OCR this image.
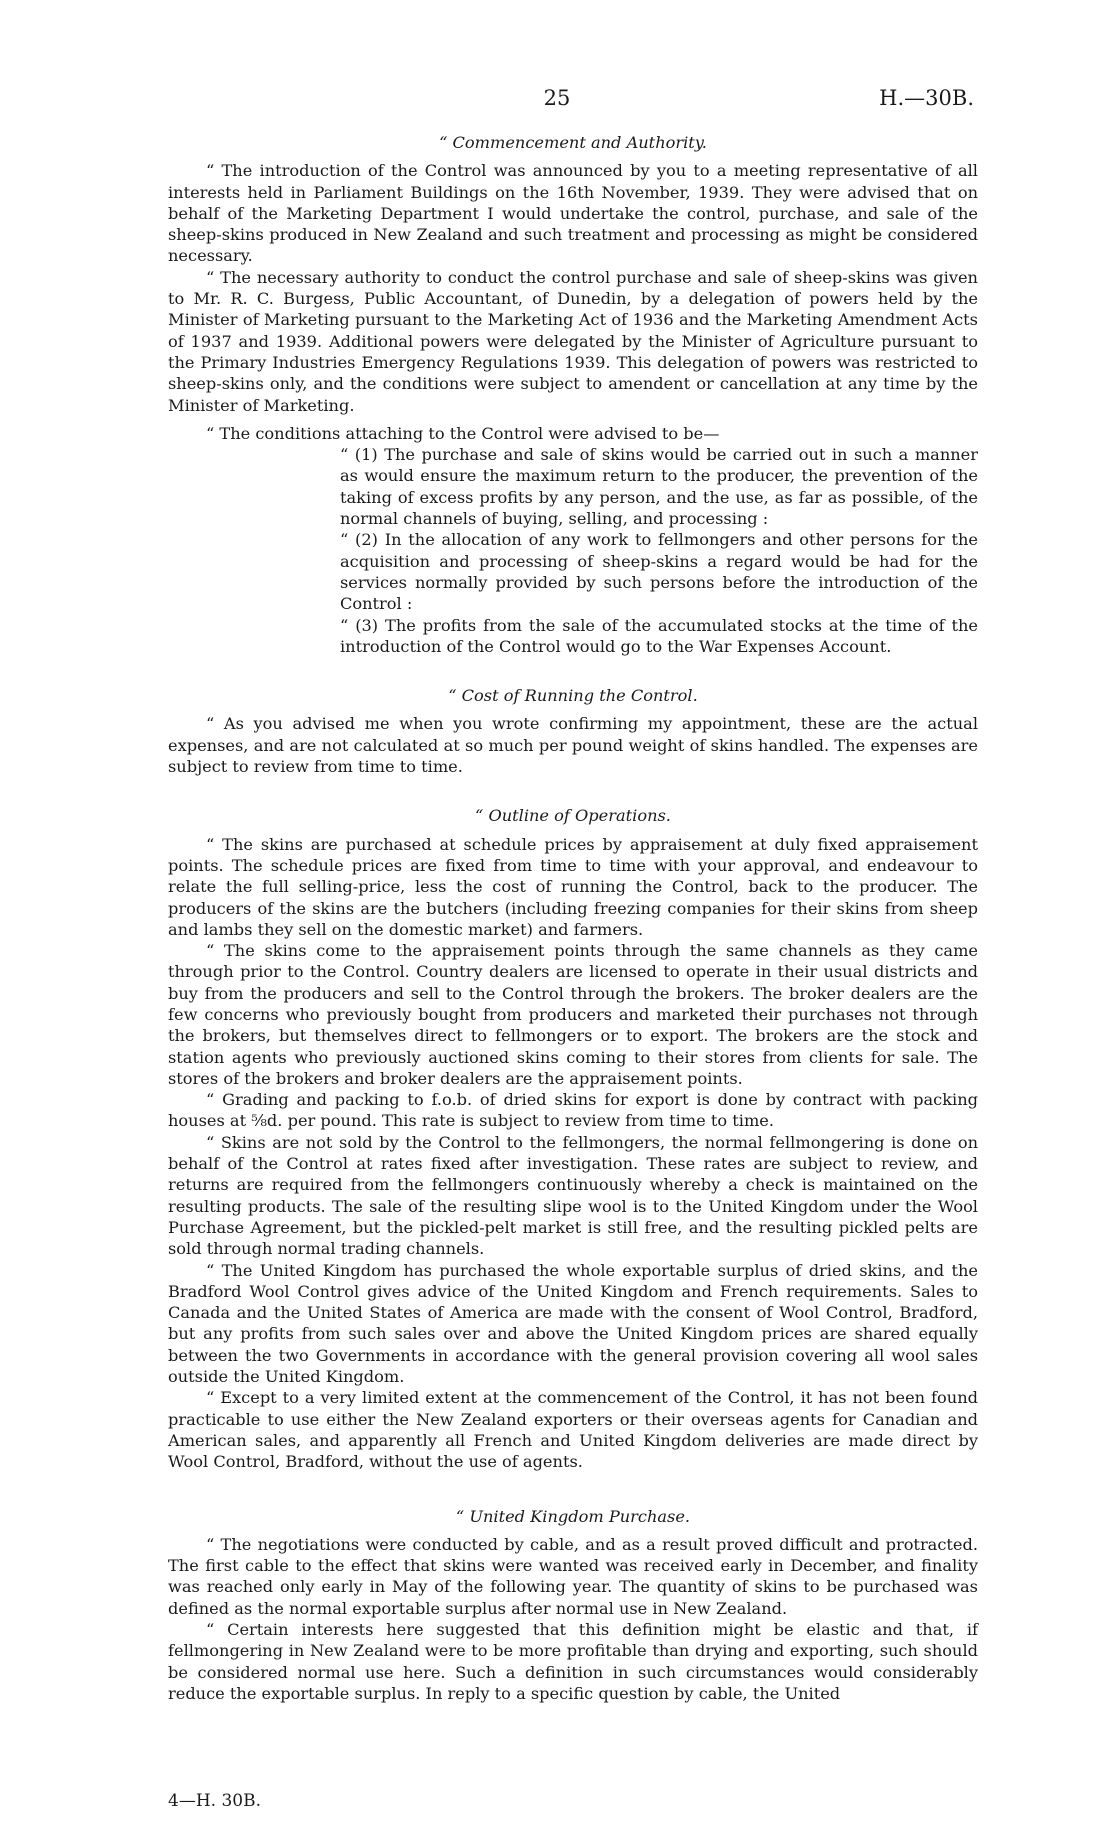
25	H.—30B.

“ Commencement and Authority.

“ The introduction of the Control was announced by you to a meeting representative of all interests held in Parliament Buildings on the 16th November, 1939. They were advised that on behalf of the Marketing Department I would undertake the control, purchase, and sale of the sheep-skins produced in New Zealand and such treatment and processing as might be considered necessary.

“ The necessary authority to conduct the control purchase and sale of sheep-skins was given to Mr. R. C. Burgess, Public Accountant, of Dunedin, by a delegation of powers held by the Minister of Marketing pursuant to the Marketing Act of 1936 and the Marketing Amendment Acts of 1937 and 1939. Additional powers were delegated by the Minister of Agriculture pursuant to the Primary Industries Emergency Regulations 1939. This delegation of powers was restricted to sheep-skins only, and the conditions were subject to amendent or cancellation at any time by the Minister of Marketing.

“ The conditions attaching to the Control were advised to be—

“ (1) The purchase and sale of skins would be carried out in such a manner as would ensure the maximum return to the producer, the prevention of the taking of excess profits by any person, and the use, as far as possible, of the normal channels of buying, selling, and processing :

“ (2) In the allocation of any work to fellmongers and other persons for the acquisition and processing of sheep-skins a regard would be had for the services normally provided by such persons before the introduction of the Control :

“ (3) The profits from the sale of the accumulated stocks at the time of the introduction of the Control would go to the War Expenses Account.

“ Cost of Running the Control.

“ As you advised me when you wrote confirming my appointment, these are the actual expenses, and are not calculated at so much per pound weight of skins handled. The expenses are subject to review from time to time.

“ Outline of Operations.

“ The skins are purchased at schedule prices by appraisement at duly fixed appraisement points. The schedule prices are fixed from time to time with your approval, and endeavour to relate the full selling-price, less the cost of running the Control, back to the producer. The producers of the skins are the butchers (including freezing companies for their skins from sheep and lambs they sell on the domestic market) and farmers.

“ The skins come to the appraisement points through the same channels as they came through prior to the Control. Country dealers are licensed to operate in their usual districts and buy from the producers and sell to the Control through the brokers. The broker dealers are the few concerns who previously bought from producers and marketed their purchases not through the brokers, but themselves direct to fellmongers or to export. The brokers are the stock and station agents who previously auctioned skins coming to their stores from clients for sale. The stores of the brokers and broker dealers are the appraisement points.

“ Grading and packing to f.o.b. of dried skins for export is done by contract with packing houses at ⅝d. per pound. This rate is subject to review from time to time.

“ Skins are not sold by the Control to the fellmongers, the normal fellmongering is done on behalf of the Control at rates fixed after investigation. These rates are subject to review, and returns are required from the fellmongers continuously whereby a check is maintained on the resulting products. The sale of the resulting slipe wool is to the United Kingdom under the Wool Purchase Agreement, but the pickled-pelt market is still free, and the resulting pickled pelts are sold through normal trading channels.

“ The United Kingdom has purchased the whole exportable surplus of dried skins, and the Bradford Wool Control gives advice of the United Kingdom and French requirements. Sales to Canada and the United States of America are made with the consent of Wool Control, Bradford, but any profits from such sales over and above the United Kingdom prices are shared equally between the two Governments in accordance with the general provision covering all wool sales outside the United Kingdom.

“ Except to a very limited extent at the commencement of the Control, it has not been found practicable to use either the New Zealand exporters or their overseas agents for Canadian and American sales, and apparently all French and United Kingdom deliveries are made direct by Wool Control, Bradford, without the use of agents.

“ United Kingdom Purchase.

“ The negotiations were conducted by cable, and as a result proved difficult and protracted. The first cable to the effect that skins were wanted was received early in December, and finality was reached only early in May of the following year. The quantity of skins to be purchased was defined as the normal exportable surplus after normal use in New Zealand.

“ Certain interests here suggested that this definition might be elastic and that, if fellmongering in New Zealand were to be more profitable than drying and exporting, such should be considered normal use here. Such a definition in such circumstances would considerably reduce the exportable surplus. In reply to a specific question by cable, the United

4—H. 30B.
